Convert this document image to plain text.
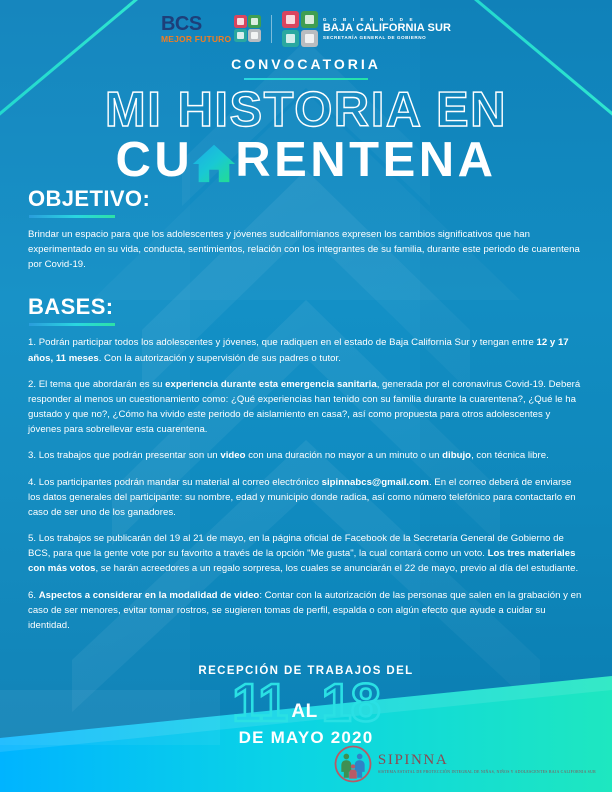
BCS
MEJOR FUTURO
G O B I E R N O D E
BAJA CALIFORNIA SUR
SECRETARÍA GENERAL DE GOBIERNO
CONVOCATORIA
MI HISTORIA EN
CU RENTENA
OBJETIVO:
Brindar un espacio para que los adolescentes y jóvenes sudcalifornianos expresen los cambios significativos que han experimentado en su vida, conducta, sentimientos, relación con los integrantes de su familia, durante este periodo de cuarentena por Covid-19.
BASES:
1. Podrán participar todos los adolescentes y jóvenes, que radiquen en el estado de Baja California Sur y tengan entre 12 y 17 años, 11 meses. Con la autorización y supervisión de sus padres o tutor.
2. El tema que abordarán es su experiencia durante esta emergencia sanitaria, generada por el coronavirus Covid-19. Deberá responder al menos un cuestionamiento como: ¿Qué experiencias han tenido con su familia durante la cuarentena?, ¿Qué le ha gustado y que no?, ¿Cómo ha vivido este periodo de aislamiento en casa?, así como propuesta para otros adolescentes y jóvenes para sobrellevar esta cuarentena.
3. Los trabajos que podrán presentar son un video con una duración no mayor a un minuto o un dibujo, con técnica libre.
4. Los participantes podrán mandar su material al correo electrónico sipinnabcs@gmail.com. En el correo deberá de enviarse los datos generales del participante: su nombre, edad y municipio donde radica, así como número telefónico para contactarlo en caso de ser uno de los ganadores.
5. Los trabajos se publicarán del 19 al 21 de mayo, en la página oficial de Facebook de la Secretaría General de Gobierno de BCS, para que la gente vote por su favorito a través de la opción "Me gusta", la cual contará como un voto. Los tres materiales con más votos, se harán acreedores a un regalo sorpresa, los cuales se anunciarán el 22 de mayo, previo al día del estudiante.
6. Aspectos a considerar en la modalidad de video: Contar con la autorización de las personas que salen en la grabación y en caso de ser menores, evitar tomar rostros, se sugieren tomas de perfil, espalda o con algún efecto que ayude a cuidar su identidad.
RECEPCIÓN DE TRABAJOS DEL
11 AL 18
DE MAYO 2020
SIPINNA
SISTEMA ESTATAL DE PROTECCIÓN INTEGRAL DE NIÑAS, NIÑOS Y ADOLESCENTES BAJA CALIFORNIA SUR
